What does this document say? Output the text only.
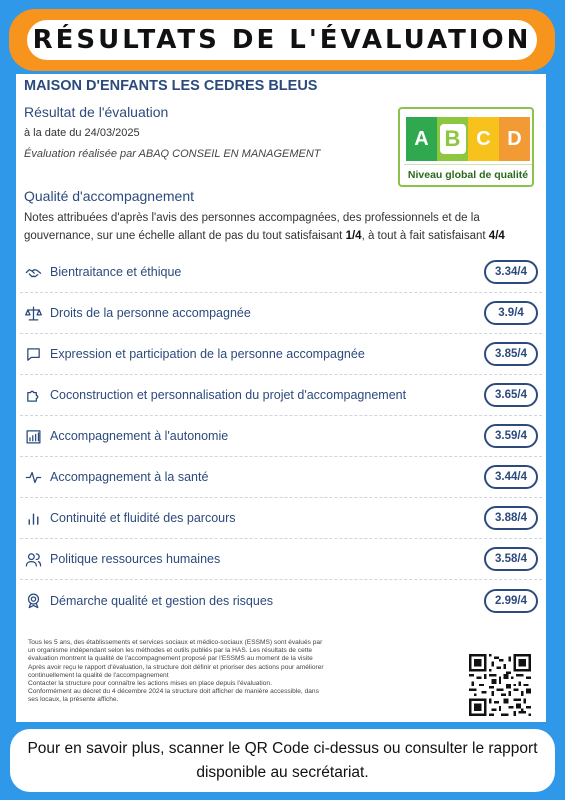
RÉSULTATS DE L'ÉVALUATION
MAISON D'ENFANTS LES CEDRES BLEUS
Résultat de l'évaluation
à la date du 24/03/2025
Évaluation réalisée par ABAQ CONSEIL EN MANAGEMENT
A B C D
Niveau global de qualité
Qualité d'accompagnement
Notes attribuées d'après l'avis des personnes accompagnées, des professionnels et de la gouvernance, sur une échelle allant de pas du tout satisfaisant 1/4, à tout à fait satisfaisant 4/4
Bientraitance et éthique	3.34/4
Droits de la personne accompagnée	3.9/4
Expression et participation de la personne accompagnée	3.85/4
Coconstruction et personnalisation du projet d'accompagnement	3.65/4
Accompagnement à l'autonomie	3.59/4
Accompagnement à la santé	3.44/4
Continuité et fluidité des parcours	3.88/4
Politique ressources humaines	3.58/4
Démarche qualité et gestion des risques	2.99/4
Tous les 5 ans, des établissements et services sociaux et médico-sociaux (ESSMS) sont évalués par
un organisme indépendant selon les méthodes et outils publiés par la HAS. Les résultats de cette
évaluation montrent la qualité de l'accompagnement proposé par l'ESSMS au moment de la visite
Après avoir reçu le rapport d'évaluation, la structure doit définir et prioriser des actions pour améliorer
continuellement la qualité de l'accompagnement
Contacter la structure pour connaître les actions mises en place depuis l'évaluation.
Conformément au décret du 4 décembre 2024 la structure doit afficher de manière accessible, dans
ses locaux, la présente affiche.
Pour en savoir plus, scanner le QR Code ci-dessus ou consulter le rapport disponible au secrétariat.
